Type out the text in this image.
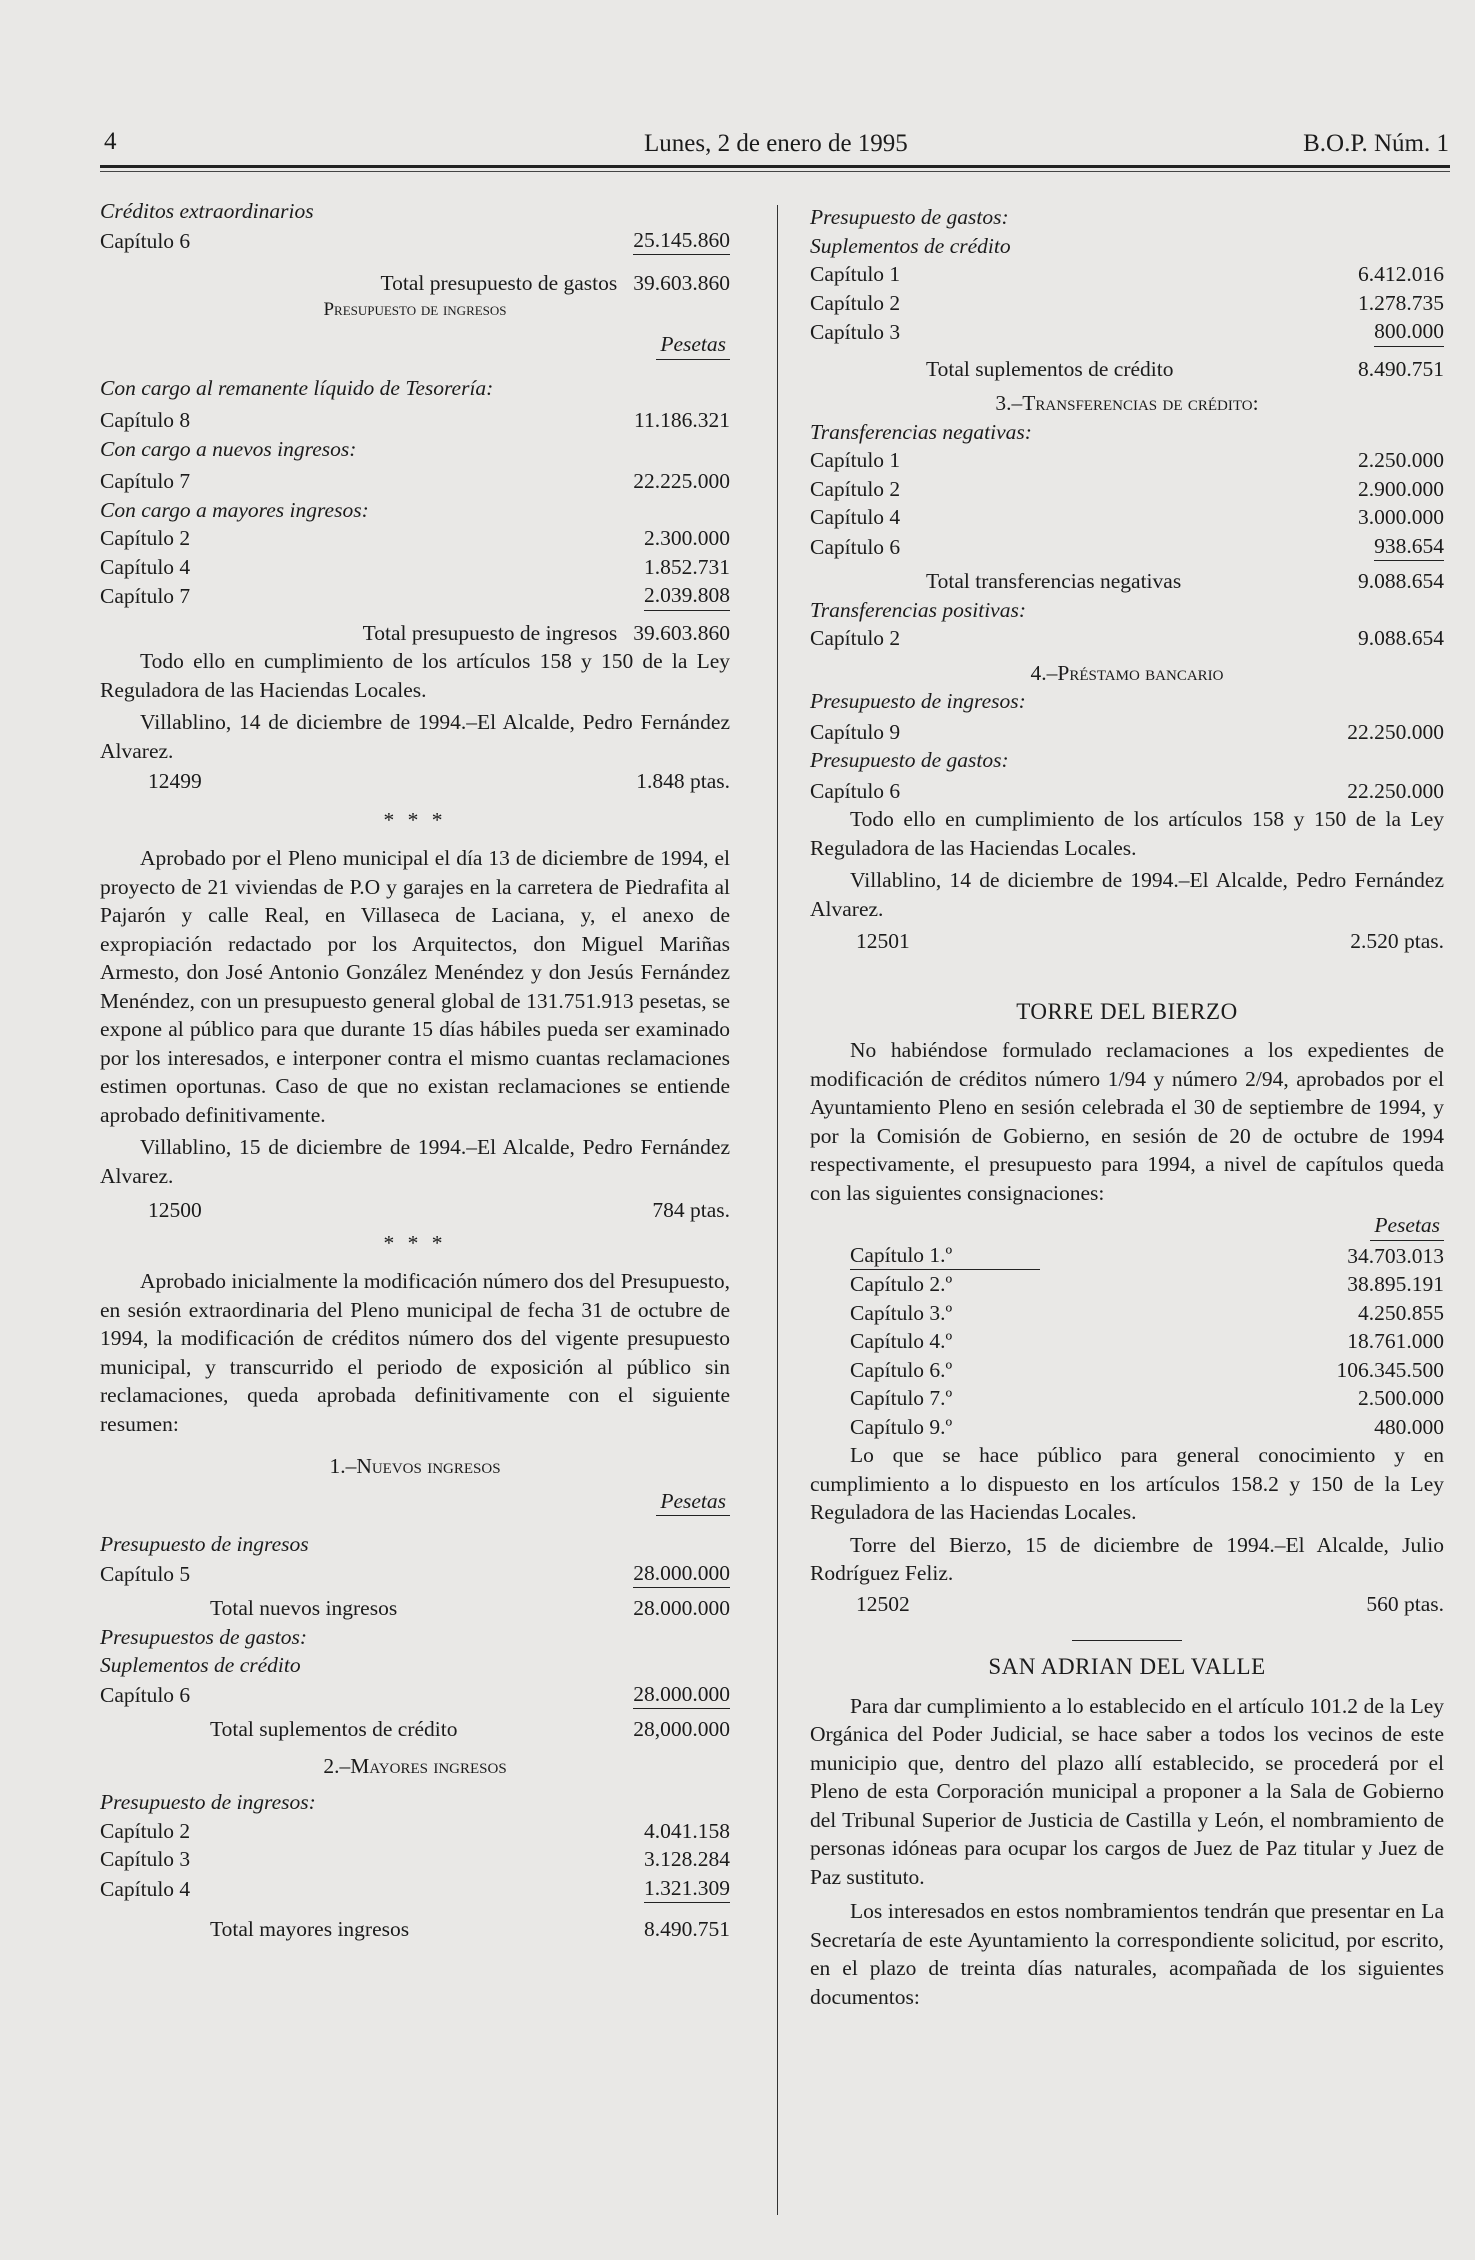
4	Lunes, 2 de enero de 1995	B.O.P. Núm. 1
Créditos extraordinarios
Capítulo 6	25.145.860
Total presupuesto de gastos 39.603.860
Presupuesto de ingresos
Pesetas
Con cargo al remanente líquido de Tesorería:
Capítulo 8	11.186.321
Con cargo a nuevos ingresos:
Capítulo 7	22.225.000
Con cargo a mayores ingresos:
Capítulo 2	2.300.000
Capítulo 4	1.852.731
Capítulo 7	2.039.808
Total presupuesto de ingresos 39.603.860
Todo ello en cumplimiento de los artículos 158 y 150 de la Ley Reguladora de las Haciendas Locales.
Villablino, 14 de diciembre de 1994.–El Alcalde, Pedro Fernández Alvarez.
12499	1.848 ptas.
* * *
Aprobado por el Pleno municipal el día 13 de diciembre de 1994, el proyecto de 21 viviendas de P.O y garajes en la carretera de Piedrafita al Pajarón y calle Real, en Villaseca de Laciana, y, el anexo de expropiación redactado por los Arquitectos, don Miguel Mariñas Armesto, don José Antonio González Menéndez y don Jesús Fernández Menéndez, con un presupuesto general global de 131.751.913 pesetas, se expone al público para que durante 15 días hábiles pueda ser examinado por los interesados, e interponer contra el mismo cuantas reclamaciones estimen oportunas. Caso de que no existan reclamaciones se entiende aprobado definitivamente.
Villablino, 15 de diciembre de 1994.–El Alcalde, Pedro Fernández Alvarez.
12500	784 ptas.
* * *
Aprobado inicialmente la modificación número dos del Presupuesto, en sesión extraordinaria del Pleno municipal de fecha 31 de octubre de 1994, la modificación de créditos número dos del vigente presupuesto municipal, y transcurrido el periodo de exposición al público sin reclamaciones, queda aprobada definitivamente con el siguiente resumen:
1.–Nuevos ingresos
Pesetas
Presupuesto de ingresos
Capítulo 5	28.000.000
Total nuevos ingresos	28.000.000
Presupuestos de gastos:
Suplementos de crédito
Capítulo 6	28.000.000
Total suplementos de crédito	28,000.000
2.–Mayores ingresos
Presupuesto de ingresos:
Capítulo 2	4.041.158
Capítulo 3	3.128.284
Capítulo 4	1.321.309
Total mayores ingresos	8.490.751
Presupuesto de gastos:
Suplementos de crédito
Capítulo 1	6.412.016
Capítulo 2	1.278.735
Capítulo 3	800.000
Total suplementos de crédito	8.490.751
3.–Transferencias de crédito:
Transferencias negativas:
Capítulo 1	2.250.000
Capítulo 2	2.900.000
Capítulo 4	3.000.000
Capítulo 6	938.654
Total transferencias negativas	9.088.654
Transferencias positivas:
Capítulo 2	9.088.654
4.–Préstamo bancario
Presupuesto de ingresos:
Capítulo 9	22.250.000
Presupuesto de gastos:
Capítulo 6	22.250.000
Todo ello en cumplimiento de los artículos 158 y 150 de la Ley Reguladora de las Haciendas Locales.
Villablino, 14 de diciembre de 1994.–El Alcalde, Pedro Fernández Alvarez.
12501	2.520 ptas.
TORRE DEL BIERZO
No habiéndose formulado reclamaciones a los expedientes de modificación de créditos número 1/94 y número 2/94, aprobados por el Ayuntamiento Pleno en sesión celebrada el 30 de septiembre de 1994, y por la Comisión de Gobierno, en sesión de 20 de octubre de 1994 respectivamente, el presupuesto para 1994, a nivel de capítulos queda con las siguientes consignaciones:
Pesetas
Capítulo 1.º	34.703.013
Capítulo 2.º	38.895.191
Capítulo 3.º	4.250.855
Capítulo 4.º	18.761.000
Capítulo 6.º	106.345.500
Capítulo 7.º	2.500.000
Capítulo 9.º	480.000
Lo que se hace público para general conocimiento y en cumplimiento a lo dispuesto en los artículos 158.2 y 150 de la Ley Reguladora de las Haciendas Locales.
Torre del Bierzo, 15 de diciembre de 1994.–El Alcalde, Julio Rodríguez Feliz.
12502	560 ptas.
SAN ADRIAN DEL VALLE
Para dar cumplimiento a lo establecido en el artículo 101.2 de la Ley Orgánica del Poder Judicial, se hace saber a todos los vecinos de este municipio que, dentro del plazo allí establecido, se procederá por el Pleno de esta Corporación municipal a proponer a la Sala de Gobierno del Tribunal Superior de Justicia de Castilla y León, el nombramiento de personas idóneas para ocupar los cargos de Juez de Paz titular y Juez de Paz sustituto.
Los interesados en estos nombramientos tendrán que presentar en La Secretaría de este Ayuntamiento la correspondiente solicitud, por escrito, en el plazo de treinta días naturales, acompañada de los siguientes documentos:
